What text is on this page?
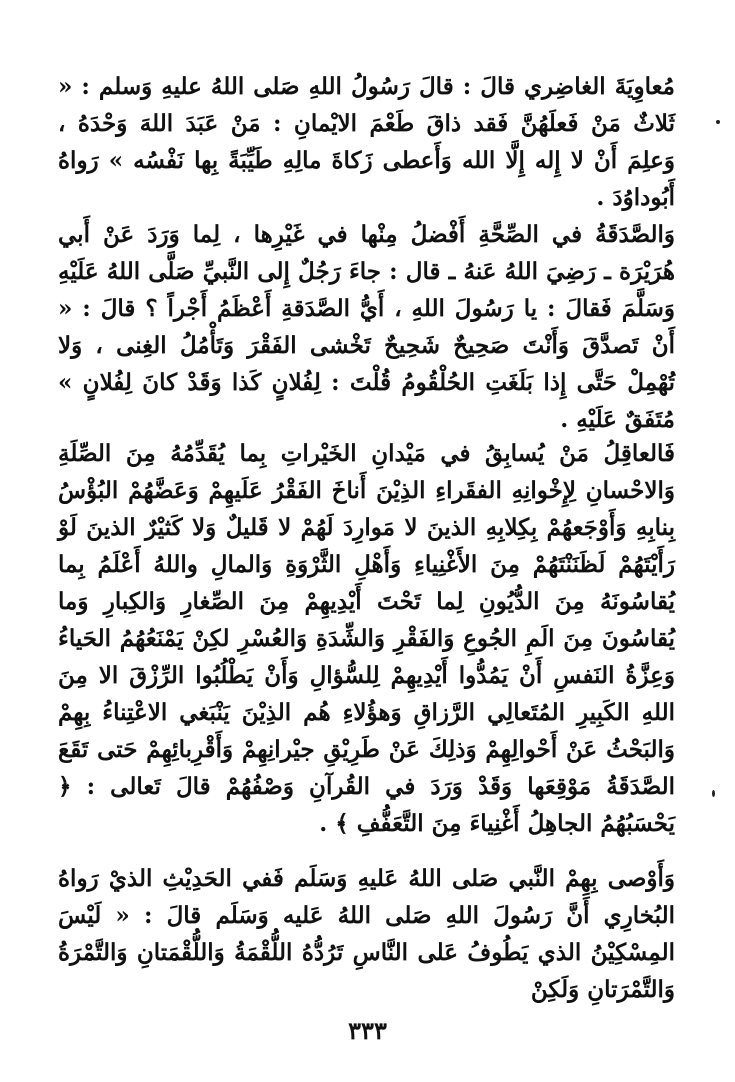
مُعاوِيَةَ الغاضِري قالَ : قالَ رَسُولُ اللهِ صَلى اللهُ عليهِ وَسلم : « ثَلاثٌ مَنْ فَعلَهُنَّ فَقد ذاقَ طَعْمَ الايْمانِ : مَنْ عَبَدَ اللهَ وَحْدَهُ ، وَعلِمَ أَنْ لا إِله إِلَّا الله وَأَعطى زَكاةَ مالِهِ طَيِّبَةً بِها نَفْسُه » رَواهُ أَبُوداوُدَ .

وَالصَّدَقَةُ في الصِّحَّةِ أَفْضلُ مِنْها في غَيْرِها ، لِما وَرَدَ عَنْ أَبي هُرَيْرَة ـ رَضِيَ اللهُ عَنهُ ـ قال : جاءَ رَجُلٌ إِلى النَّبيِّ صَلَّى اللهُ عَلَيْهِ وَسَلَّمَ فَقالَ : يا رَسُولَ اللهِ ، أَيُّ الصَّدَقةِ أَعْظَمُ أَجْراً ؟ قالَ : « أَنْ تَصدَّقَ وَأَنْتَ صَحِيحٌ شَحِيحٌ تَخْشى الفَقْرَ وَتَأْمُلُ الغِنى ، وَلا تُهْمِلْ حَتَّى إِذا بَلَغَتِ الحُلْقُومُ قُلْتَ : لِفُلانٍ كَذا وَقَدْ كانَ لِفُلانٍ » مُتَفَقٌ عَلَيْهِ .

فَالعاقِلُ مَنْ يُسابِقُ في مَيْدانِ الخَيْراتِ بِما يُقَدِّمُهُ مِنَ الصِّلَةِ وَالاحْسانِ لِإِخْوانِهِ الفقَراءِ الذِيْنَ أَناخَ الفَقْرُ عَلَيهِمْ وَعَضَّهُمْ البُؤْسُ بِنابِهِ وَأَوْجَعهُمْ بِكِلابِهِ الذينَ لا مَوارِدَ لَهُمْ لا قَليلٌ وَلا كَثيْرٌ الذينَ لَوْ رَأَيْتَهُمْ لَظَنَنْتَهُمْ مِنَ الأَغْنِياءِ وَأَهْلِ الثَّرْوَةِ وَالمالِ واللهُ أَعْلَمُ بِما يُقاسُونَهُ مِنَ الدُّيُونِ لِما تَحْتَ أَيْدِيهِمْ مِنَ الصِّغارِ وَالكِبارِ وَما يُقاسُونَ مِنَ الَمِ الجُوعِ وَالفَقْرِ وَالشِّدَةِ وَالعُسْرِ لكِنْ يَمْنَعُهُمُ الحَياءُ وَعِزَّةُ النَفسِ أَنْ يَمُدُّوا أَيْدِيهِمْ لِلسُّؤالِ وَأَنْ يَطْلُبُوا الرِّزْقَ الا مِنَ اللهِ الكَبِيرِ المُتَعالِي الرَّزاقِ وَهؤُلاءِ هُم الذِيْنَ يَنْبَغي الاعْتِناءُ بِهِمْ وَالبَحْثُ عَنْ أَحْوالِهِمْ وَذلِكَ عَنْ طَرِيْقِ جيْرانِهِمْ وَأَقْرِبائِهِمْ حَتى تَقَعَ الصَّدَقَةُ مَوْقِعَها وَقَدْ وَرَدَ في القُرآنِ وَصْفُهُمْ قالَ تَعالى : ﴿ يَحْسَبُهُمُ الجاهِلُ أَغْنِياءَ مِنَ التَّعَفُّفِ ﴾ .

وَأَوْصى بِهِمْ النَّبي صَلى اللهُ عَليهِ وَسَلَم فَفي الحَدِيْثِ الذيْ رَواهُ البُخارِي أَنَّ رَسُولَ اللهِ صَلى اللهُ عَليه وَسَلَم قالَ : « لَيْسَ المِسْكِيْنُ الذي يَطُوفُ عَلى النَّاسِ تَرُدُّهُ اللُّقْمَةُ وَاللُّقْمَتانِ وَالتَّمْرَةُ وَالتَّمْرَتانِ وَلَكِنْ

٣٣٣
